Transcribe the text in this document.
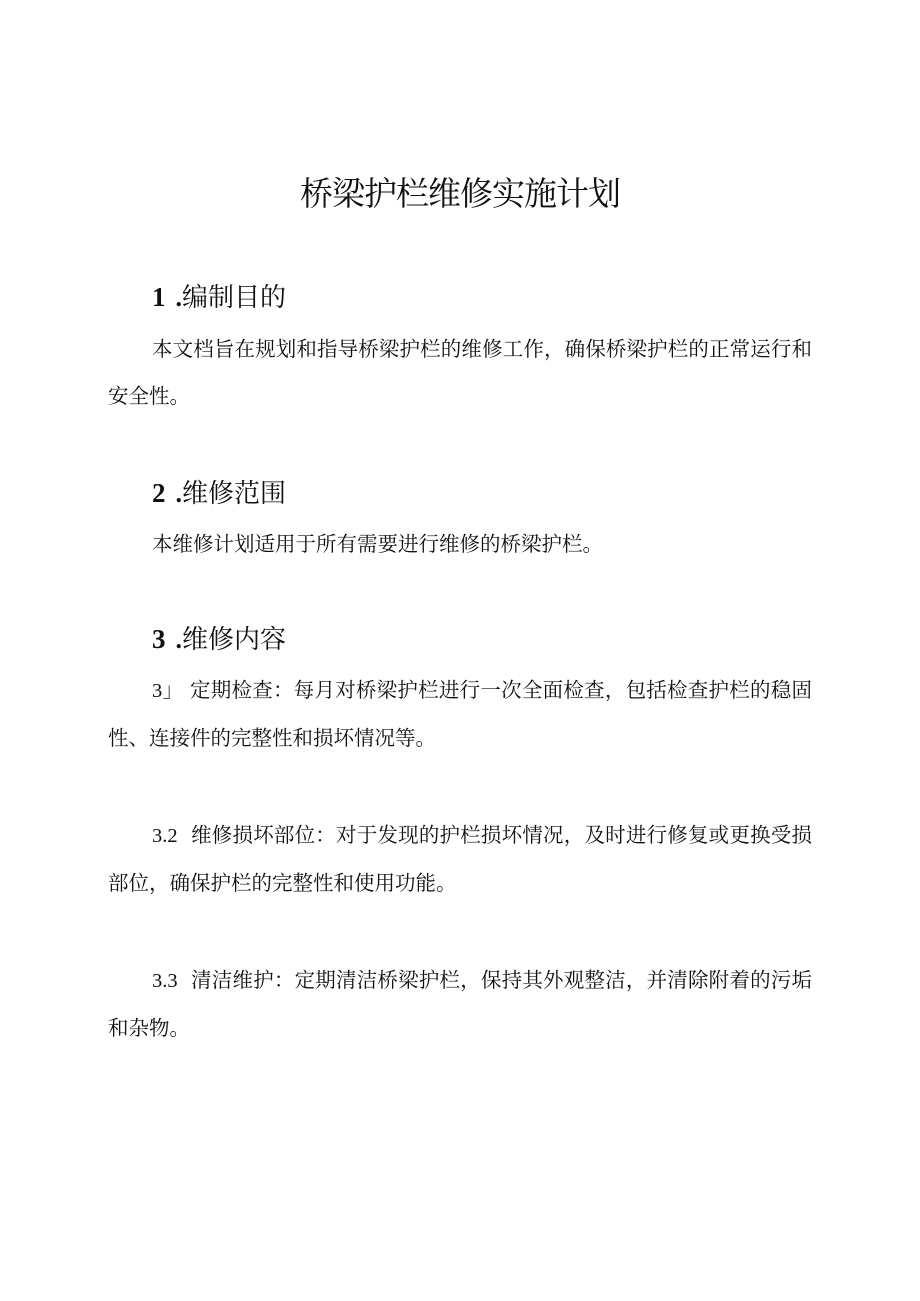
桥梁护栏维修实施计划
1 .编制目的

本文档旨在规划和指导桥梁护栏的维修工作，确保桥梁护栏的正常运行和安全性。

2 .维修范围

本维修计划适用于所有需要进行维修的桥梁护栏。

3 .维修内容

3」 定期检查：每月对桥梁护栏进行一次全面检查，包括检查护栏的稳固性、连接件的完整性和损坏情况等。

3.2 维修损坏部位：对于发现的护栏损坏情况，及时进行修复或更换受损部位，确保护栏的完整性和使用功能。

3.3 清洁维护：定期清洁桥梁护栏，保持其外观整洁，并清除附着的污垢和杂物。
